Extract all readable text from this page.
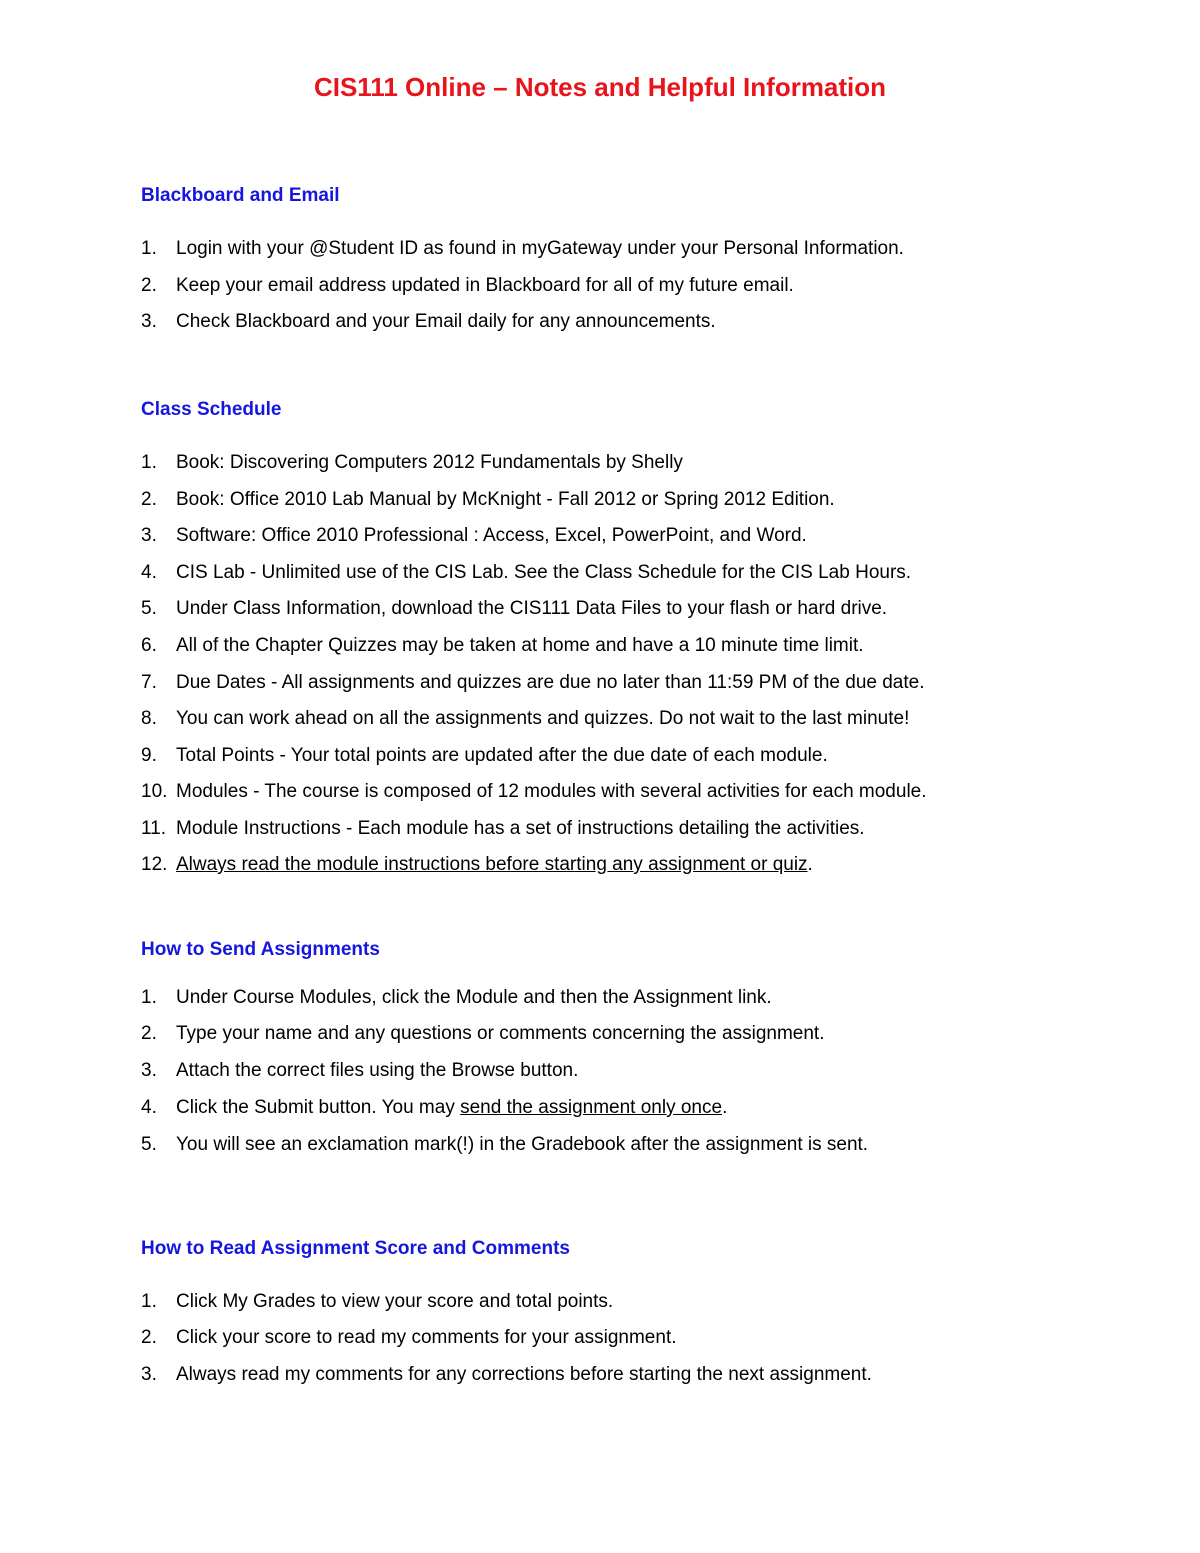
CIS111 Online – Notes and Helpful Information
Blackboard and Email
1. Login with your @Student ID as found in myGateway under your Personal Information.
2. Keep your email address updated in Blackboard for all of my future email.
3. Check Blackboard and your Email daily for any announcements.
Class Schedule
1. Book: Discovering Computers 2012 Fundamentals by Shelly
2. Book: Office 2010 Lab Manual by McKnight - Fall 2012 or Spring 2012 Edition.
3. Software: Office 2010 Professional : Access, Excel, PowerPoint, and Word.
4. CIS Lab - Unlimited use of the CIS Lab. See the Class Schedule for the CIS Lab Hours.
5. Under Class Information, download the CIS111 Data Files to your flash or hard drive.
6. All of the Chapter Quizzes may be taken at home and have a 10 minute time limit.
7. Due Dates - All assignments and quizzes are due no later than 11:59 PM of the due date.
8. You can work ahead on all the assignments and quizzes. Do not wait to the last minute!
9. Total Points - Your total points are updated after the due date of each module.
10. Modules - The course is composed of 12 modules with several activities for each module.
11. Module Instructions - Each module has a set of instructions detailing the activities.
12. Always read the module instructions before starting any assignment or quiz.
How to Send Assignments
1. Under Course Modules, click the Module and then the Assignment link.
2. Type your name and any questions or comments concerning the assignment.
3. Attach the correct files using the Browse button.
4. Click the Submit button. You may send the assignment only once.
5. You will see an exclamation mark(!) in the Gradebook after the assignment is sent.
How to Read Assignment Score and Comments
1. Click My Grades to view your score and total points.
2. Click your score to read my comments for your assignment.
3. Always read my comments for any corrections before starting the next assignment.
